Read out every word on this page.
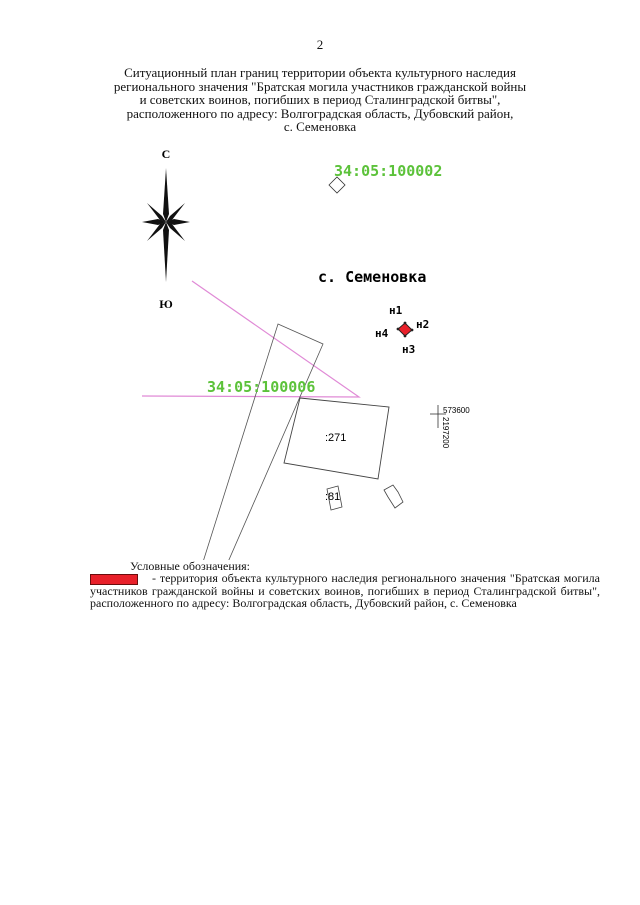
2
Ситуационный план границ территории объекта культурного наследия
регионального значения "Братская могила участников гражданской войны
и советских воинов, погибших в период Сталинградской битвы",
расположенного по адресу: Волгоградская область, Дубовский район,
с. Семеновка
С
Ю
573600
2197200
34:05:100002
34:05:100006
с. Семеновка
н1
н2
н3
н4
:271
:81
Условные обозначения:
- территория объекта культурного наследия регионального значения "Братская могила участников гражданской войны и советских воинов, погибших в период Сталинградской битвы", расположенного по адресу: Волгоградская область, Дубовский район, с. Семеновка
